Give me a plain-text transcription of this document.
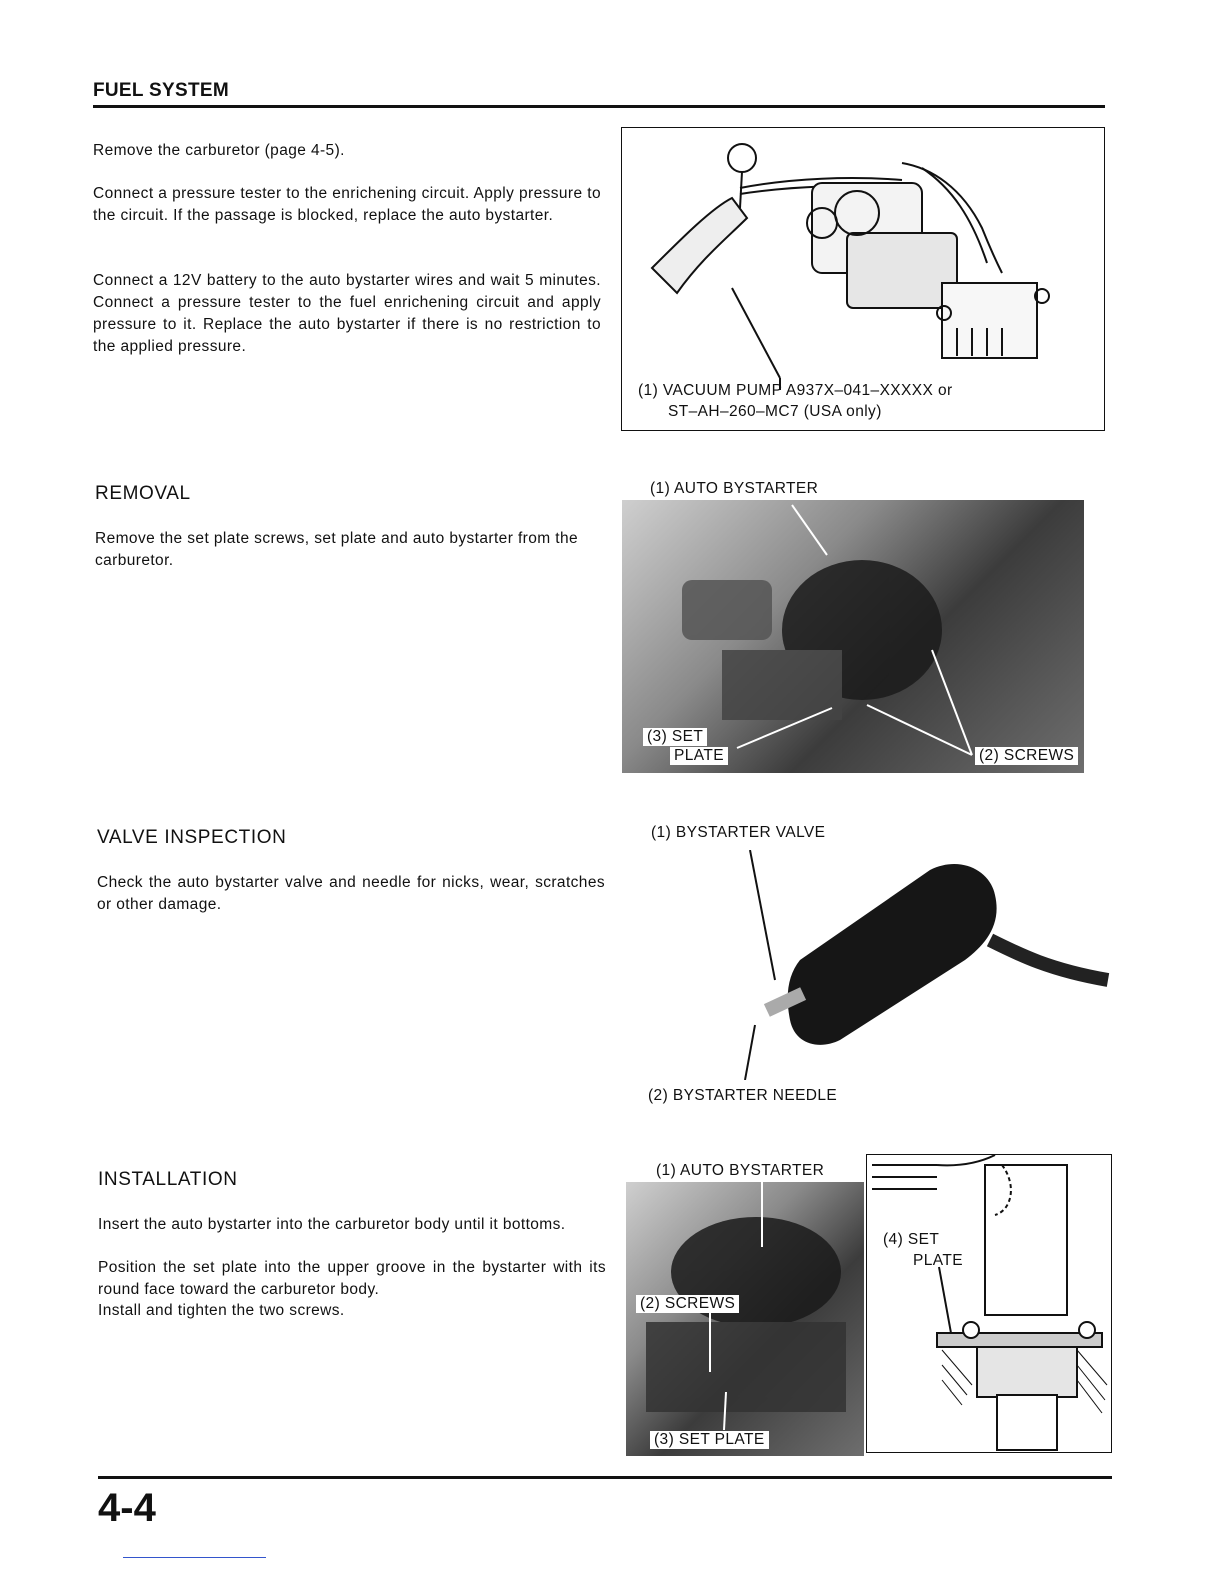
FUEL SYSTEM
Remove the carburetor (page 4-5).
Connect a pressure tester to the enrichening circuit. Apply pressure to the circuit. If the passage is blocked, replace the auto bystarter.
Connect a 12V battery to the auto bystarter wires and wait 5 minutes. Connect a pressure tester to the fuel enrichening circuit and apply pressure to it. Replace the auto bystarter if there is no restriction to the applied pressure.
(1) VACUUM PUMP A937X–041–XXXXX or
ST–AH–260–MC7 (USA only)
REMOVAL
Remove the set plate screws, set plate and auto bystarter from the carburetor.
(1) AUTO BYSTARTER
(3) SET
PLATE	(2) SCREWS
VALVE INSPECTION
Check the auto bystarter valve and needle for nicks, wear, scratches or other damage.
(1) BYSTARTER VALVE
(2) BYSTARTER NEEDLE
INSTALLATION
Insert the auto bystarter into the carburetor body until it bottoms.
Position the set plate into the upper groove in the bystarter with its round face toward the carburetor body.
Install and tighten the two screws.
(1) AUTO BYSTARTER
(2) SCREWS
(3) SET PLATE
(4) SET
PLATE
4-4
